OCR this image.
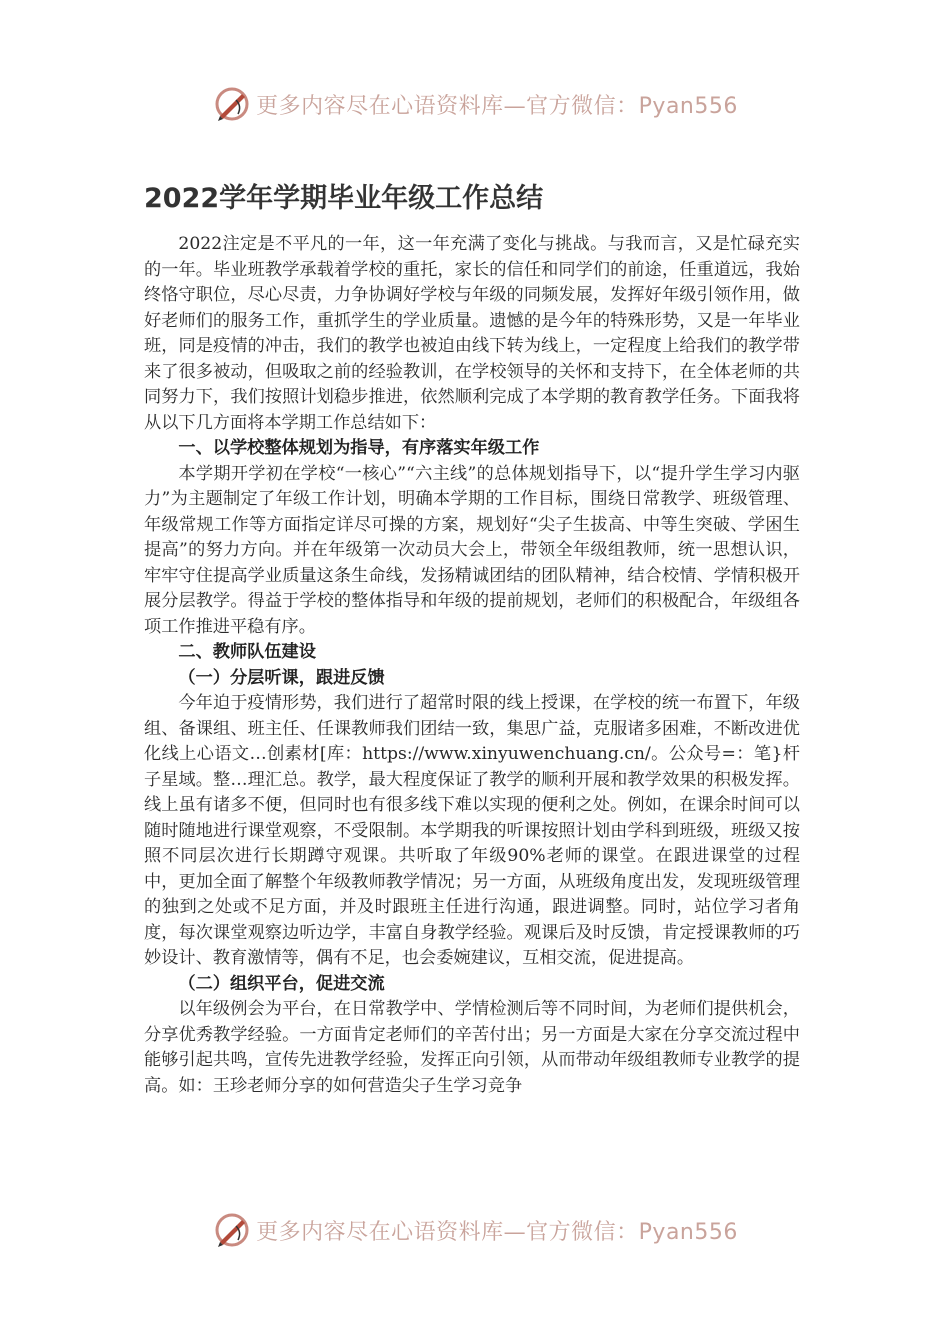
更多内容尽在心语资料库—官方微信：Pyan556
2022学年学期毕业年级工作总结

2022注定是不平凡的一年，这一年充满了变化与挑战。与我而言，又是忙碌充实的一年。毕业班教学承载着学校的重托，家长的信任和同学们的前途，任重道远，我始终恪守职位，尽心尽责，力争协调好学校与年级的同频发展，发挥好年级引领作用，做好老师们的服务工作，重抓学生的学业质量。遗憾的是今年的特殊形势，又是一年毕业班，同是疫情的冲击，我们的教学也被迫由线下转为线上，一定程度上给我们的教学带来了很多被动，但吸取之前的经验教训，在学校领导的关怀和支持下，在全体老师的共同努力下，我们按照计划稳步推进，依然顺利完成了本学期的教育教学任务。下面我将从以下几方面将本学期工作总结如下：

一、以学校整体规划为指导，有序落实年级工作

本学期开学初在学校“一核心”“六主线”的总体规划指导下，以“提升学生学习内驱力”为主题制定了年级工作计划，明确本学期的工作目标，围绕日常教学、班级管理、年级常规工作等方面指定详尽可操的方案，规划好“尖子生拔高、中等生突破、学困生提高”的努力方向。并在年级第一次动员大会上，带领全年级组教师，统一思想认识，牢牢守住提高学业质量这条生命线，发扬精诚团结的团队精神，结合校情、学情积极开展分层教学。得益于学校的整体指导和年级的提前规划，老师们的积极配合，年级组各项工作推进平稳有序。

二、教师队伍建设

（一）分层听课，跟进反馈

今年迫于疫情形势，我们进行了超常时限的线上授课，在学校的统一布置下，年级组、备课组、班主任、任课教师我们团结一致，集思广益，克服诸多困难，不断改进优化线上心语文…创素材[库：https://www.xinyuwenchuang.cn/。公众号=：笔}杆子星域。整…理汇总。教学，最大程度保证了教学的顺利开展和教学效果的积极发挥。线上虽有诸多不便，但同时也有很多线下难以实现的便利之处。例如，在课余时间可以随时随地进行课堂观察，不受限制。本学期我的听课按照计划由学科到班级，班级又按照不同层次进行长期蹲守观课。共听取了年级90%老师的课堂。在跟进课堂的过程中，更加全面了解整个年级教师教学情况；另一方面，从班级角度出发，发现班级管理的独到之处或不足方面，并及时跟班主任进行沟通，跟进调整。同时，站位学习者角度，每次课堂观察边听边学，丰富自身教学经验。观课后及时反馈，肯定授课教师的巧妙设计、教育激情等，偶有不足，也会委婉建议，互相交流，促进提高。

（二）组织平台，促进交流

以年级例会为平台，在日常教学中、学情检测后等不同时间，为老师们提供机会，分享优秀教学经验。一方面肯定老师们的辛苦付出；另一方面是大家在分享交流过程中能够引起共鸣，宣传先进教学经验，发挥正向引领，从而带动年级组教师专业教学的提高。如：王珍老师分享的如何营造尖子生学习竞争

更多内容尽在心语资料库—官方微信：Pyan556
